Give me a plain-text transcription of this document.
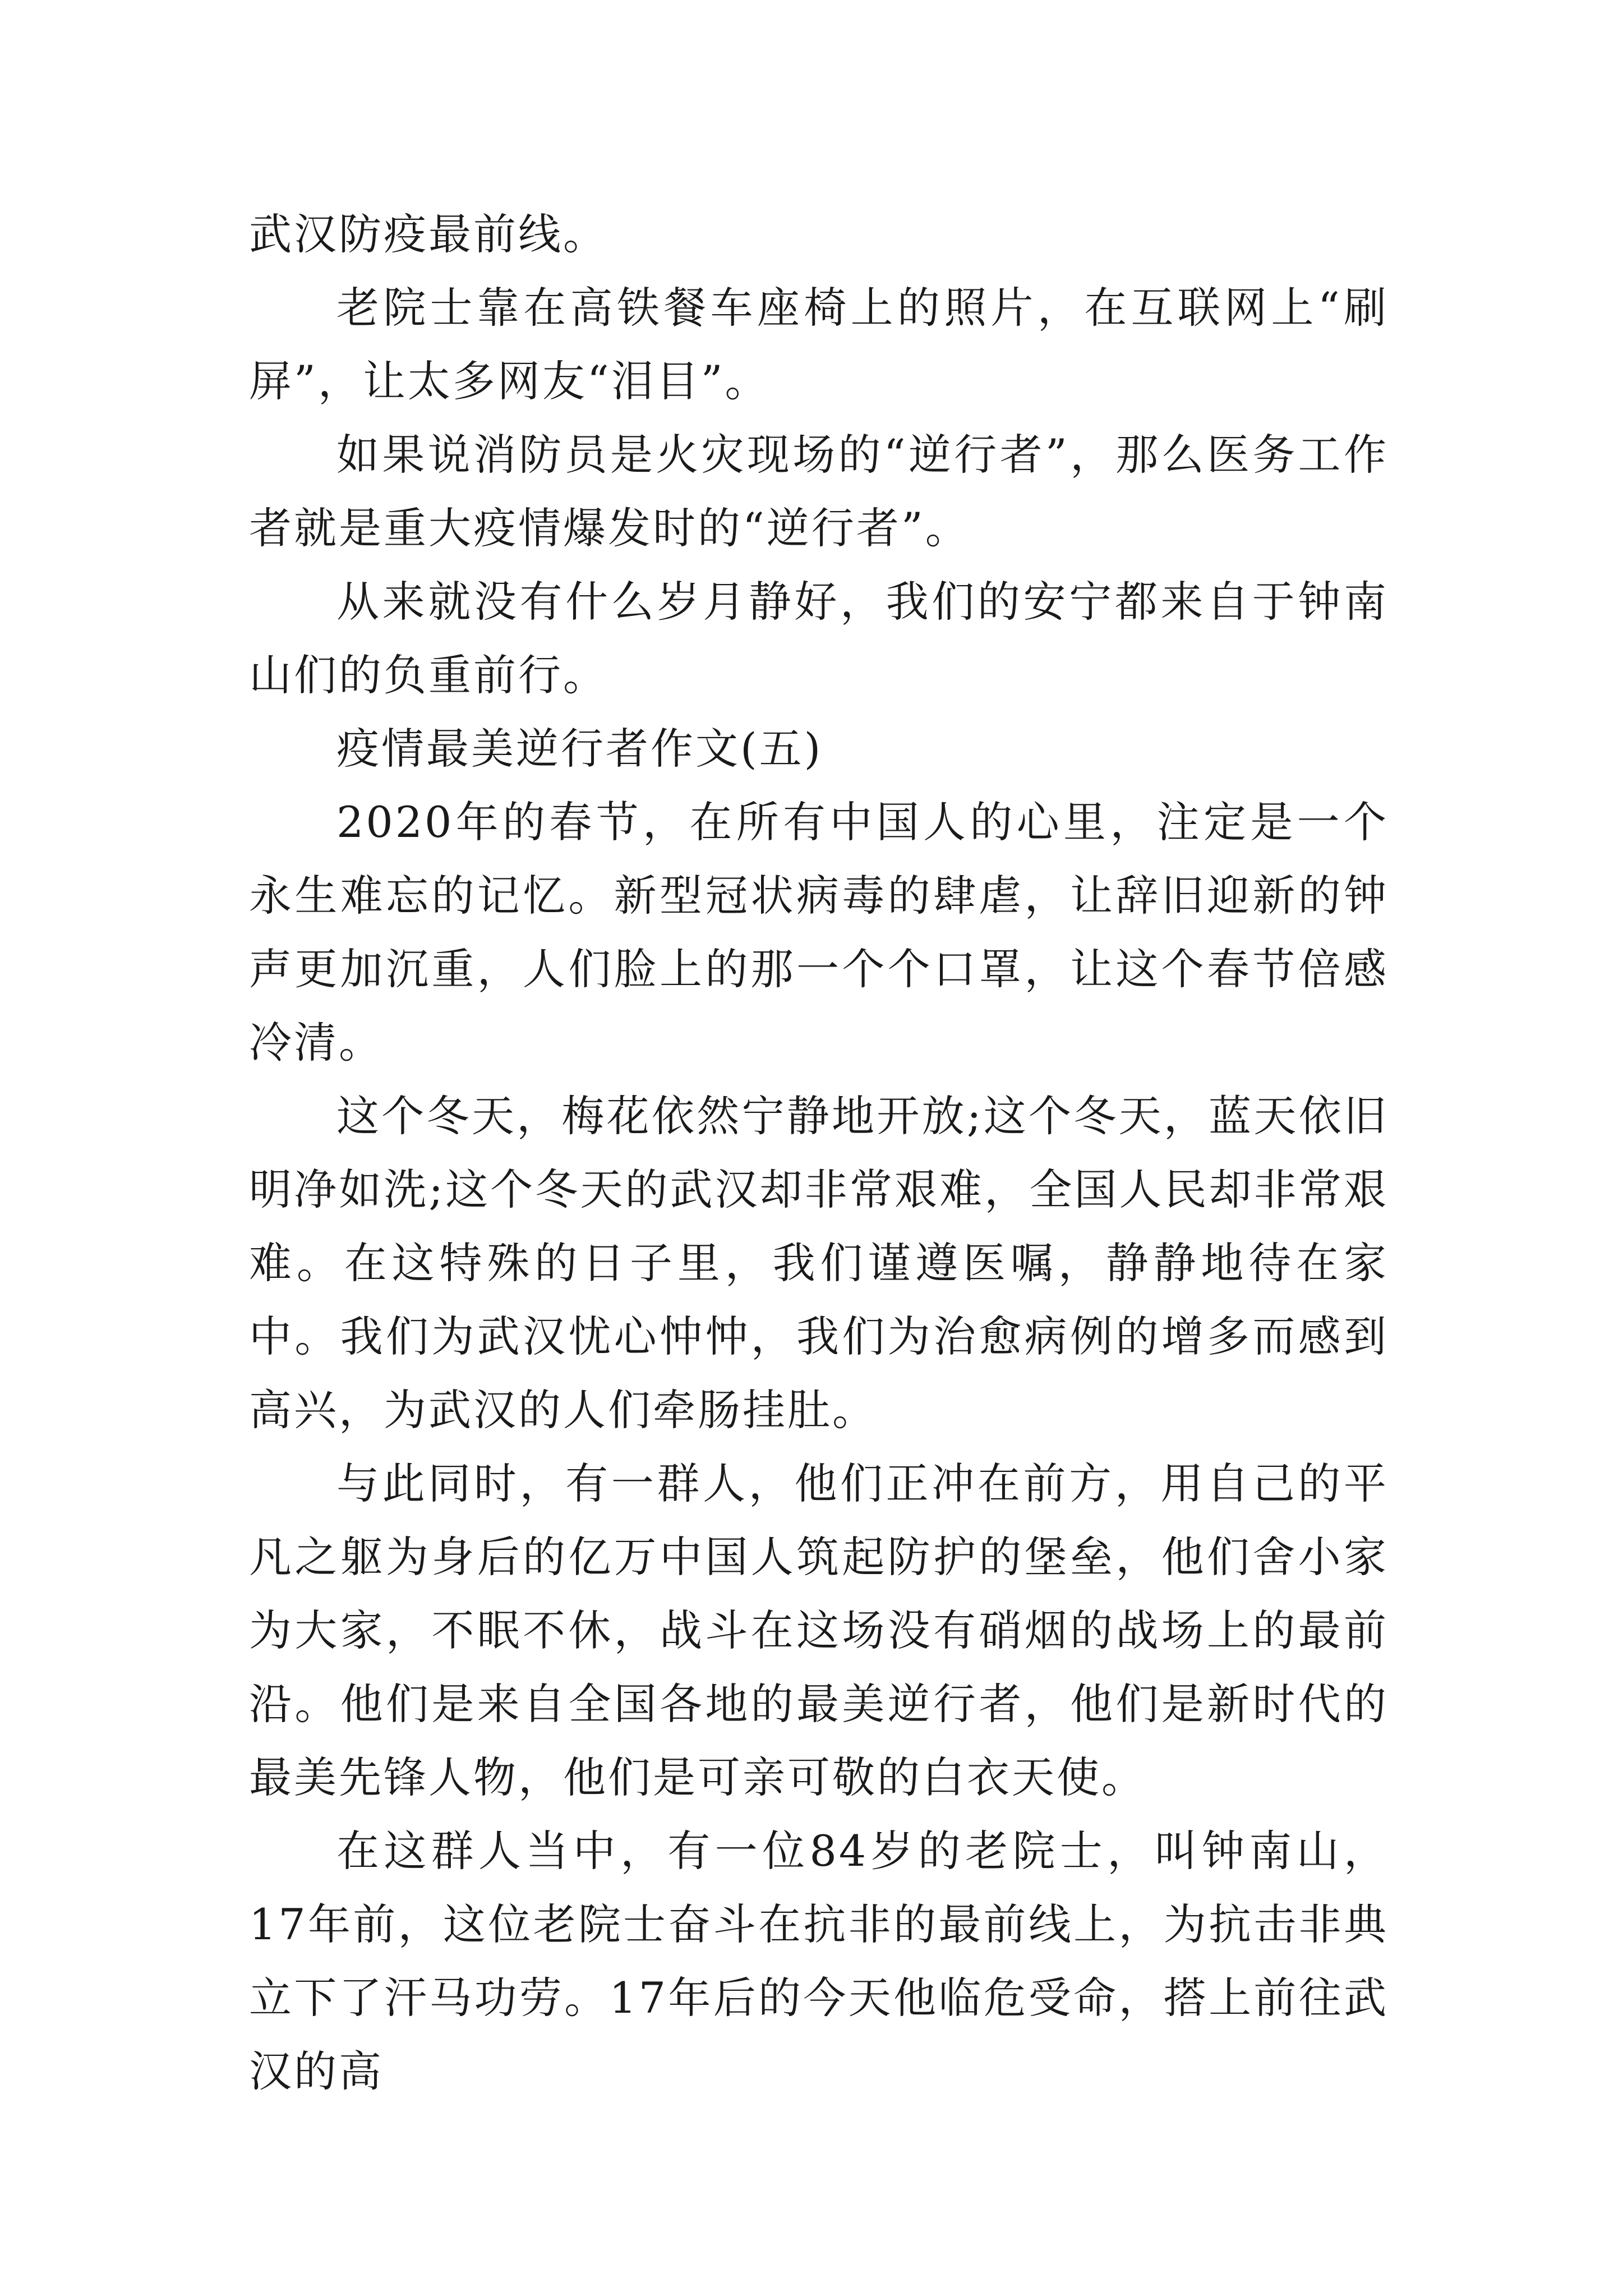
武汉防疫最前线。

老院士靠在高铁餐车座椅上的照片，在互联网上“刷屏”，让太多网友“泪目”。

如果说消防员是火灾现场的“逆行者”，那么医务工作者就是重大疫情爆发时的“逆行者”。

从来就没有什么岁月静好，我们的安宁都来自于钟南山们的负重前行。

疫情最美逆行者作文(五)

2020年的春节，在所有中国人的心里，注定是一个永生难忘的记忆。新型冠状病毒的肆虐，让辞旧迎新的钟声更加沉重，人们脸上的那一个个口罩，让这个春节倍感冷清。

这个冬天，梅花依然宁静地开放;这个冬天，蓝天依旧明净如洗;这个冬天的武汉却非常艰难，全国人民却非常艰难。在这特殊的日子里，我们谨遵医嘱，静静地待在家中。我们为武汉忧心忡忡，我们为治愈病例的增多而感到高兴，为武汉的人们牵肠挂肚。

与此同时，有一群人，他们正冲在前方，用自己的平凡之躯为身后的亿万中国人筑起防护的堡垒，他们舍小家为大家，不眠不休，战斗在这场没有硝烟的战场上的最前沿。他们是来自全国各地的最美逆行者，他们是新时代的最美先锋人物，他们是可亲可敬的白衣天使。

在这群人当中，有一位84岁的老院士，叫钟南山，17年前，这位老院士奋斗在抗非的最前线上，为抗击非典立下了汗马功劳。17年后的今天他临危受命，搭上前往武汉的高
